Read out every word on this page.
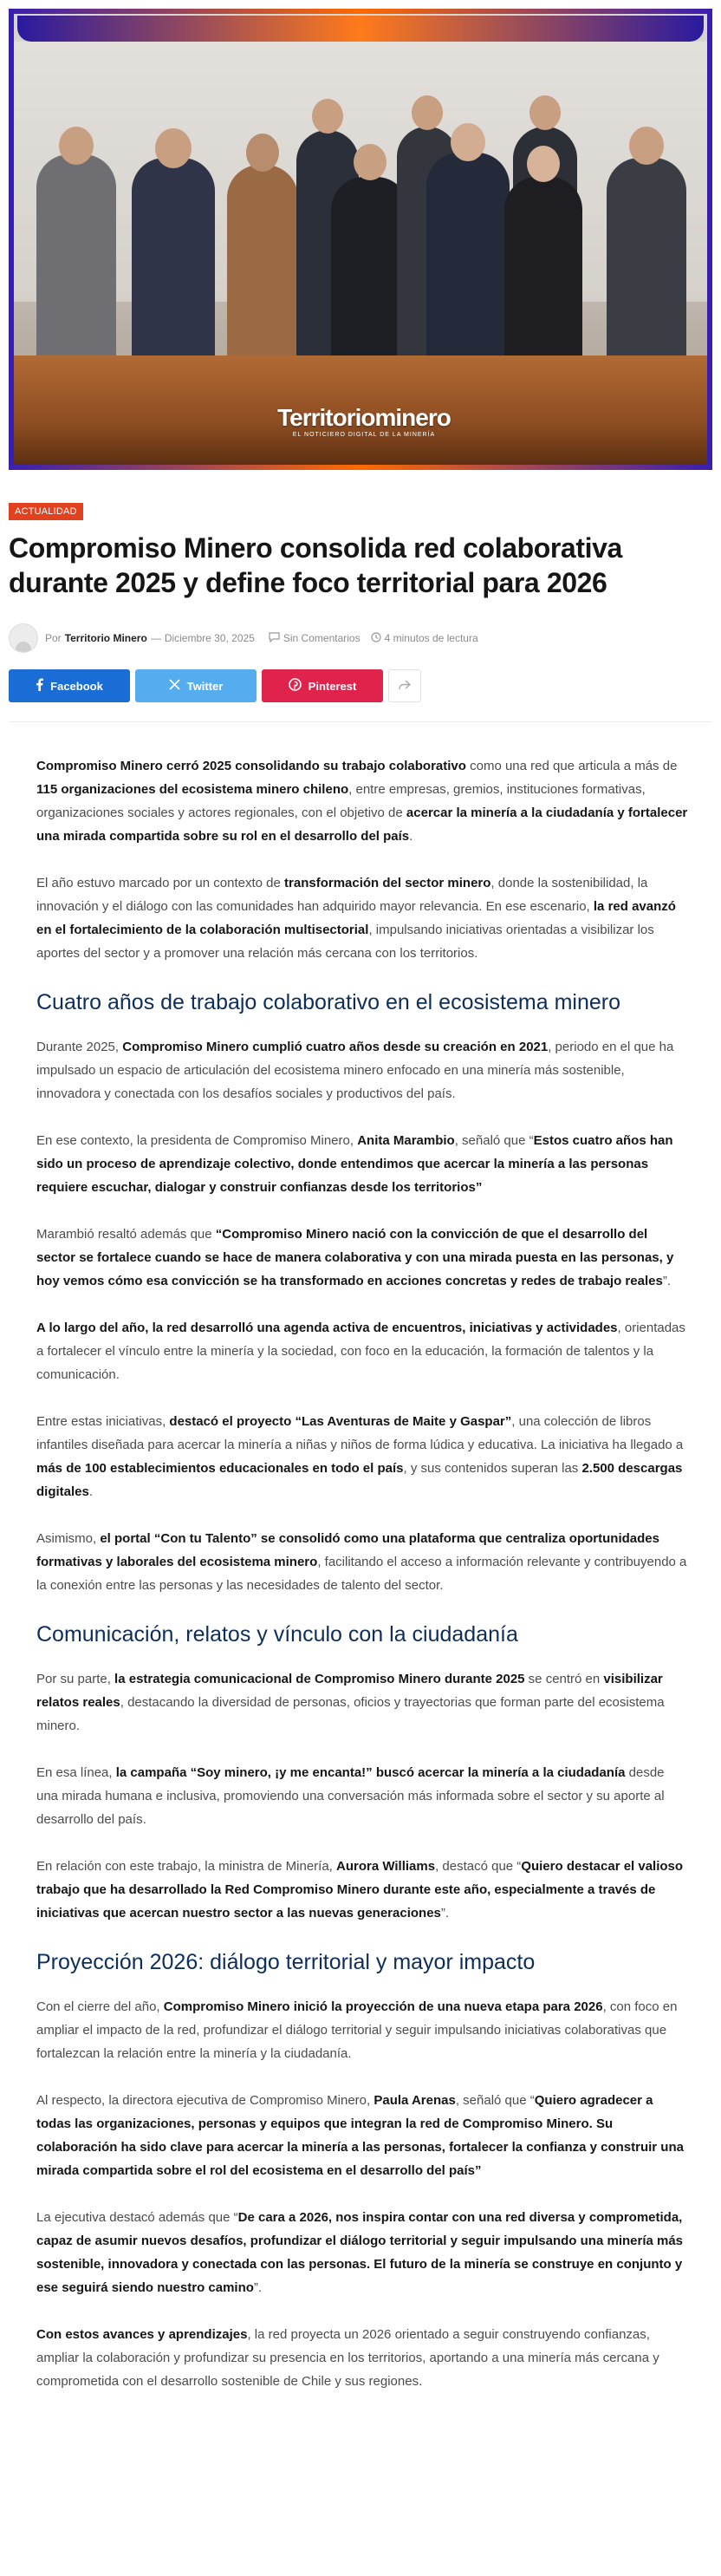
Territoriominero
EL NOTICIERO DIGITAL DE LA MINERÍA
ACTUALIDAD
Compromiso Minero consolida red colaborativa durante 2025 y define foco territorial para 2026
Por Territorio Minero — Diciembre 30, 2025	Sin Comentarios 4 minutos de lectura
Facebook	Twitter	Pinterest

Compromiso Minero cerró 2025 consolidando su trabajo colaborativo como una red que articula a más de 115 organizaciones del ecosistema minero chileno, entre empresas, gremios, instituciones formativas, organizaciones sociales y actores regionales, con el objetivo de acercar la minería a la ciudadanía y fortalecer una mirada compartida sobre su rol en el desarrollo del país.

El año estuvo marcado por un contexto de transformación del sector minero, donde la sostenibilidad, la innovación y el diálogo con las comunidades han adquirido mayor relevancia. En ese escenario, la red avanzó en el fortalecimiento de la colaboración multisectorial, impulsando iniciativas orientadas a visibilizar los aportes del sector y a promover una relación más cercana con los territorios.

Cuatro años de trabajo colaborativo en el ecosistema minero

Durante 2025, Compromiso Minero cumplió cuatro años desde su creación en 2021, periodo en el que ha impulsado un espacio de articulación del ecosistema minero enfocado en una minería más sostenible, innovadora y conectada con los desafíos sociales y productivos del país.

En ese contexto, la presidenta de Compromiso Minero, Anita Marambio, señaló que “Estos cuatro años han sido un proceso de aprendizaje colectivo, donde entendimos que acercar la minería a las personas requiere escuchar, dialogar y construir confianzas desde los territorios”

Marambió resaltó además que “Compromiso Minero nació con la convicción de que el desarrollo del sector se fortalece cuando se hace de manera colaborativa y con una mirada puesta en las personas, y hoy vemos cómo esa convicción se ha transformado en acciones concretas y redes de trabajo reales”.

A lo largo del año, la red desarrolló una agenda activa de encuentros, iniciativas y actividades, orientadas a fortalecer el vínculo entre la minería y la sociedad, con foco en la educación, la formación de talentos y la comunicación.

Entre estas iniciativas, destacó el proyecto “Las Aventuras de Maite y Gaspar”, una colección de libros infantiles diseñada para acercar la minería a niñas y niños de forma lúdica y educativa. La iniciativa ha llegado a más de 100 establecimientos educacionales en todo el país, y sus contenidos superan las 2.500 descargas digitales.

Asimismo, el portal “Con tu Talento” se consolidó como una plataforma que centraliza oportunidades formativas y laborales del ecosistema minero, facilitando el acceso a información relevante y contribuyendo a la conexión entre las personas y las necesidades de talento del sector.

Comunicación, relatos y vínculo con la ciudadanía

Por su parte, la estrategia comunicacional de Compromiso Minero durante 2025 se centró en visibilizar relatos reales, destacando la diversidad de personas, oficios y trayectorias que forman parte del ecosistema minero.

En esa línea, la campaña “Soy minero, ¡y me encanta!” buscó acercar la minería a la ciudadanía desde una mirada humana e inclusiva, promoviendo una conversación más informada sobre el sector y su aporte al desarrollo del país.

En relación con este trabajo, la ministra de Minería, Aurora Williams, destacó que “Quiero destacar el valioso trabajo que ha desarrollado la Red Compromiso Minero durante este año, especialmente a través de iniciativas que acercan nuestro sector a las nuevas generaciones”.

Proyección 2026: diálogo territorial y mayor impacto

Con el cierre del año, Compromiso Minero inició la proyección de una nueva etapa para 2026, con foco en ampliar el impacto de la red, profundizar el diálogo territorial y seguir impulsando iniciativas colaborativas que fortalezcan la relación entre la minería y la ciudadanía.

Al respecto, la directora ejecutiva de Compromiso Minero, Paula Arenas, señaló que “Quiero agradecer a todas las organizaciones, personas y equipos que integran la red de Compromiso Minero. Su colaboración ha sido clave para acercar la minería a las personas, fortalecer la confianza y construir una mirada compartida sobre el rol del ecosistema en el desarrollo del país”

La ejecutiva destacó además que “De cara a 2026, nos inspira contar con una red diversa y comprometida, capaz de asumir nuevos desafíos, profundizar el diálogo territorial y seguir impulsando una minería más sostenible, innovadora y conectada con las personas. El futuro de la minería se construye en conjunto y ese seguirá siendo nuestro camino”.

Con estos avances y aprendizajes, la red proyecta un 2026 orientado a seguir construyendo confianzas, ampliar la colaboración y profundizar su presencia en los territorios, aportando a una minería más cercana y comprometida con el desarrollo sostenible de Chile y sus regiones.
